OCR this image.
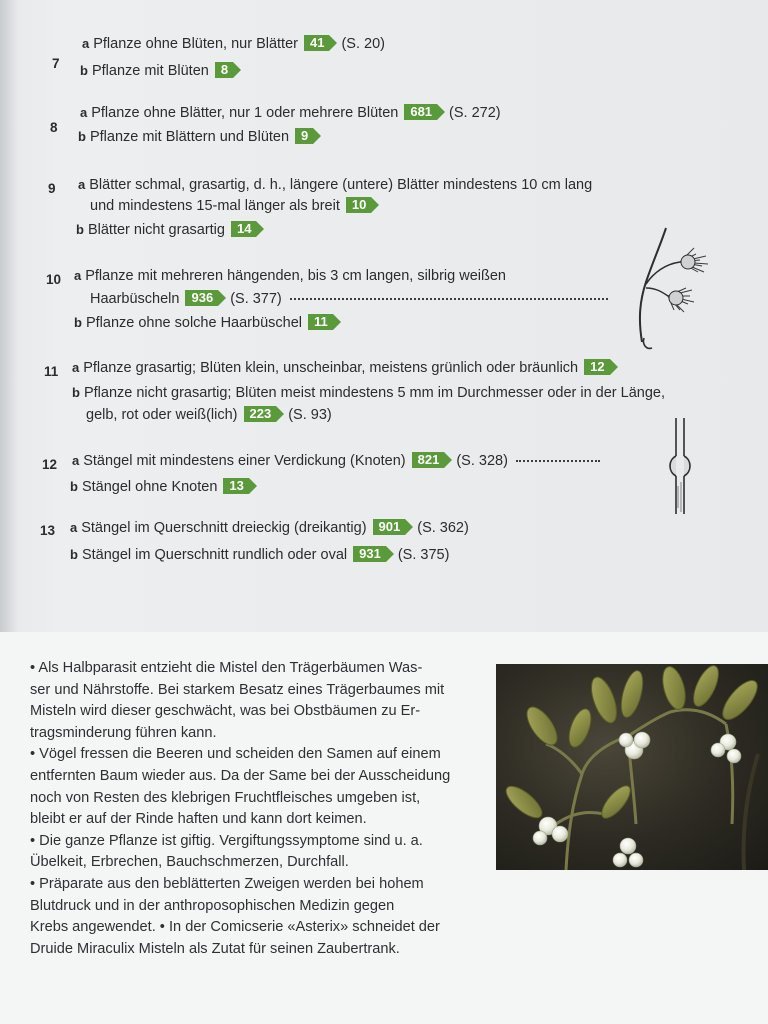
7
a Pflanze ohne Blüten, nur Blätter 41 (S. 20)
b Pflanze mit Blüten 8
8
a Pflanze ohne Blätter, nur 1 oder mehrere Blüten 681 (S. 272)
b Pflanze mit Blättern und Blüten 9
9 a Blätter schmal, grasartig, d. h., längere (untere) Blätter mindestens 10 cm lang
und mindestens 15-mal länger als breit 10
b Blätter nicht grasartig 14
10 a Pflanze mit mehreren hängenden, bis 3 cm langen, silbrig weißen
Haarbüscheln 936 (S. 377)
b Pflanze ohne solche Haarbüschel 11
11 a Pflanze grasartig; Blüten klein, unscheinbar, meistens grünlich oder bräunlich 12
b Pflanze nicht grasartig; Blüten meist mindestens 5 mm im Durchmesser oder in der Länge,
gelb, rot oder weiß(lich) 223 (S. 93)
12 a Stängel mit mindestens einer Verdickung (Knoten) 821 (S. 328)
b Stängel ohne Knoten 13
13 a Stängel im Querschnitt dreieckig (dreikantig) 901 (S. 362)
b Stängel im Querschnitt rundlich oder oval 931 (S. 375)

• Als Halbparasit entzieht die Mistel den Trägerbäumen Was-

ser und Nährstoffe. Bei starkem Besatz eines Trägerbaumes mit

Misteln wird dieser geschwächt, was bei Obstbäumen zu Er-

tragsminderung führen kann.

• Vögel fressen die Beeren und scheiden den Samen auf einem

entfernten Baum wieder aus. Da der Same bei der Ausscheidung

noch von Resten des klebrigen Fruchtfleisches umgeben ist,

bleibt er auf der Rinde haften und kann dort keimen.

• Die ganze Pflanze ist giftig. Vergiftungssymptome sind u. a.

Übelkeit, Erbrechen, Bauchschmerzen, Durchfall.

• Präparate aus den beblätterten Zweigen werden bei hohem

Blutdruck und in der anthroposophischen Medizin gegen

Krebs angewendet. • In der Comicserie «Asterix» schneidet der

Druide Miraculix Misteln als Zutat für seinen Zaubertrank.
